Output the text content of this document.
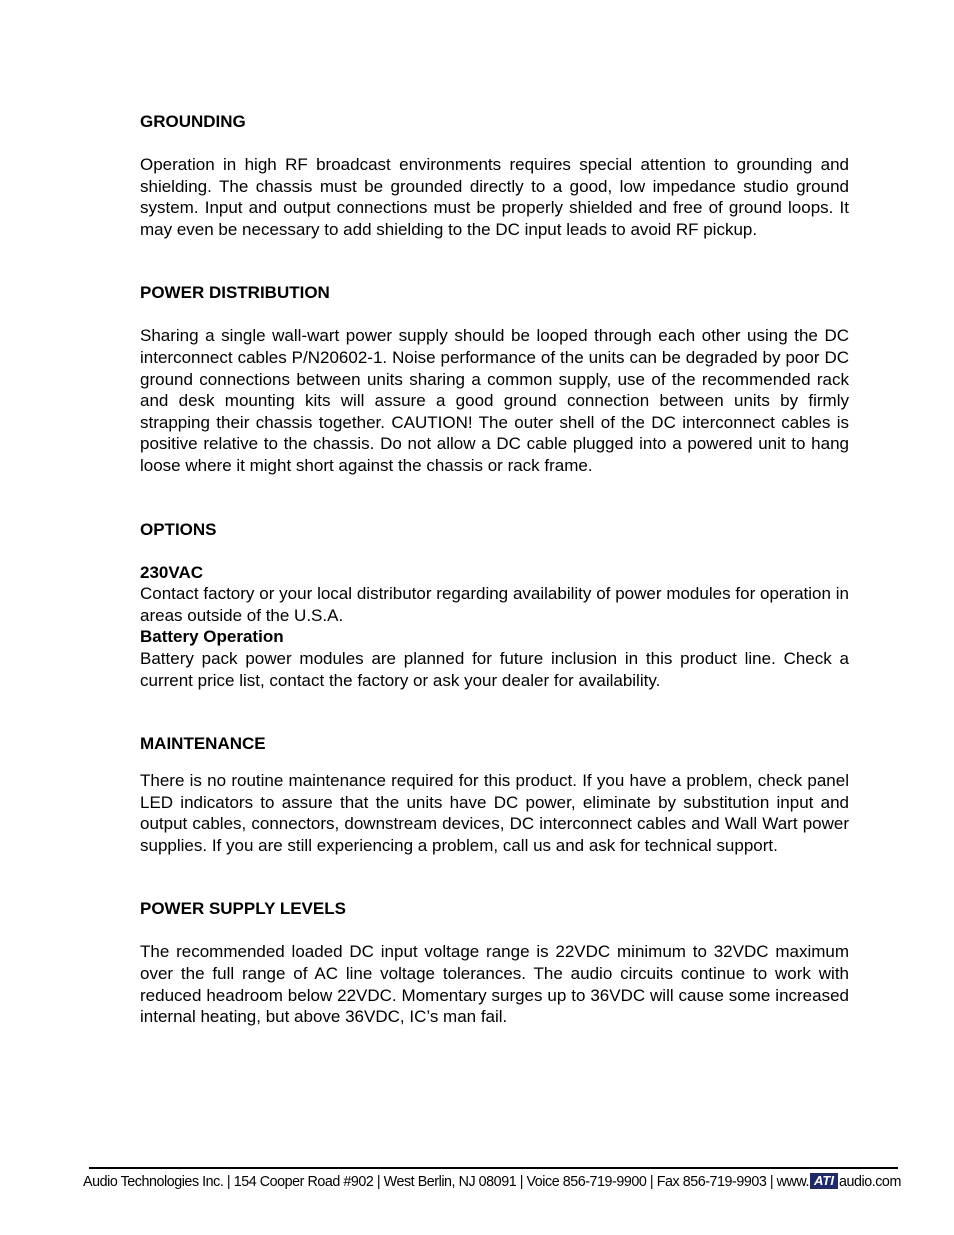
GROUNDING

Operation in high RF broadcast environments requires special attention to grounding and shielding. The chassis must be grounded directly to a good, low impedance studio ground system. Input and output connections must be properly shielded and free of ground loops. It may even be necessary to add shielding to the DC input leads to avoid RF pickup.

POWER DISTRIBUTION

Sharing a single wall-wart power supply should be looped through each other using the DC interconnect cables P/N20602-1. Noise performance of the units can be degraded by poor DC ground connections between units sharing a common supply, use of the recommended rack and desk mounting kits will assure a good ground connection between units by firmly strapping their chassis together. CAUTION! The outer shell of the DC interconnect cables is positive relative to the chassis. Do not allow a DC cable plugged into a powered unit to hang loose where it might short against the chassis or rack frame.

OPTIONS

230VAC

Contact factory or your local distributor regarding availability of power modules for operation in areas outside of the U.S.A.

Battery Operation

Battery pack power modules are planned for future inclusion in this product line. Check a current price list, contact the factory or ask your dealer for availability.

MAINTENANCE

There is no routine maintenance required for this product. If you have a problem, check panel LED indicators to assure that the units have DC power, eliminate by substitution input and output cables, connectors, downstream devices, DC interconnect cables and Wall Wart power supplies. If you are still experiencing a problem, call us and ask for technical support.

POWER SUPPLY LEVELS

The recommended loaded DC input voltage range is 22VDC minimum to 32VDC maximum over the full range of AC line voltage tolerances. The audio circuits continue to work with reduced headroom below 22VDC. Momentary surges up to 36VDC will cause some increased internal heating, but above 36VDC, IC’s man fail.

Audio Technologies Inc. | 154 Cooper Road #902 | West Berlin, NJ 08091 | Voice 856-719-9900 | Fax 856-719-9903 | www. ATI audio.com
